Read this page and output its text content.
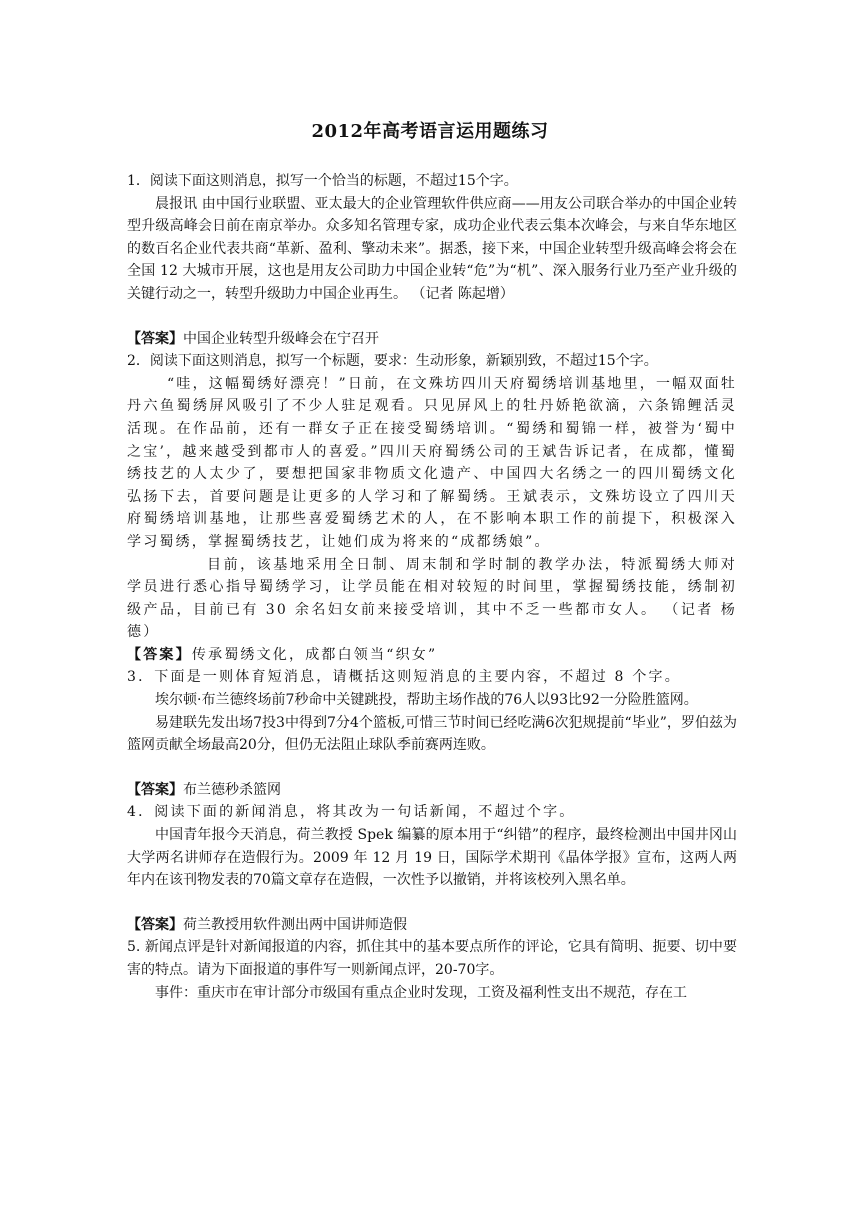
2012年高考语言运用题练习

1．阅读下面这则消息，拟写一个恰当的标题，不超过15个字。

晨报讯 由中国行业联盟、亚太最大的企业管理软件供应商——用友公司联合举办的中国企业转型升级高峰会日前在南京举办。众多知名管理专家，成功企业代表云集本次峰会，与来自华东地区的数百名企业代表共商“革新、盈利、擎动未来”。据悉，接下来，中国企业转型升级高峰会将会在全国 12 大城市开展，这也是用友公司助力中国企业转“危”为“机”、深入服务行业乃至产业升级的关键行动之一，转型升级助力中国企业再生。 （记者 陈起增）

【答案】中国企业转型升级峰会在宁召开

2．阅读下面这则消息，拟写一个标题，要求：生动形象，新颖别致，不超过15个字。

“哇，这幅蜀绣好漂亮！”日前，在文殊坊四川天府蜀绣培训基地里，一幅双面牡丹六鱼蜀绣屏风吸引了不少人驻足观看。只见屏风上的牡丹娇艳欲滴，六条锦鲤活灵活现。在作品前，还有一群女子正在接受蜀绣培训。“蜀绣和蜀锦一样，被誉为‘蜀中之宝’，越来越受到都市人的喜爱。”四川天府蜀绣公司的王斌告诉记者，在成都，懂蜀绣技艺的人太少了，要想把国家非物质文化遗产、中国四大名绣之一的四川蜀绣文化弘扬下去，首要问题是让更多的人学习和了解蜀绣。王斌表示，文殊坊设立了四川天府蜀绣培训基地，让那些喜爱蜀绣艺术的人，在不影响本职工作的前提下，积极深入学习蜀绣，掌握蜀绣技艺，让她们成为将来的“成都绣娘”。

目前，该基地采用全日制、周末制和学时制的教学办法，特派蜀绣大师对学员进行悉心指导蜀绣学习，让学员能在相对较短的时间里，掌握蜀绣技能，绣制初级产品，目前已有 30 余名妇女前来接受培训，其中不乏一些都市女人。 （记者 杨德）

【答案】传承蜀绣文化，成都白领当“织女”

3．下面是一则体育短消息，请概括这则短消息的主要内容，不超过 8 个字。

埃尔顿·布兰德终场前7秒命中关键跳投，帮助主场作战的76人以93比92一分险胜篮网。

易建联先发出场7投3中得到7分4个篮板,可惜三节时间已经吃满6次犯规提前“毕业”，罗伯兹为篮网贡献全场最高20分，但仍无法阻止球队季前赛两连败。

【答案】布兰德秒杀篮网

4．阅读下面的新闻消息，将其改为一句话新闻，不超过个字。

中国青年报今天消息，荷兰教授 Spek 编纂的原本用于“纠错”的程序，最终检测出中国井冈山大学两名讲师存在造假行为。2009 年 12 月 19 日，国际学术期刊《晶体学报》宣布，这两人两年内在该刊物发表的70篇文章存在造假，一次性予以撤销，并将该校列入黑名单。

【答案】荷兰教授用软件测出两中国讲师造假

5. 新闻点评是针对新闻报道的内容，抓住其中的基本要点所作的评论，它具有简明、扼要、切中要害的特点。请为下面报道的事件写一则新闻点评，20-70字。

事件：重庆市在审计部分市级国有重点企业时发现，工资及福利性支出不规范，存在工
